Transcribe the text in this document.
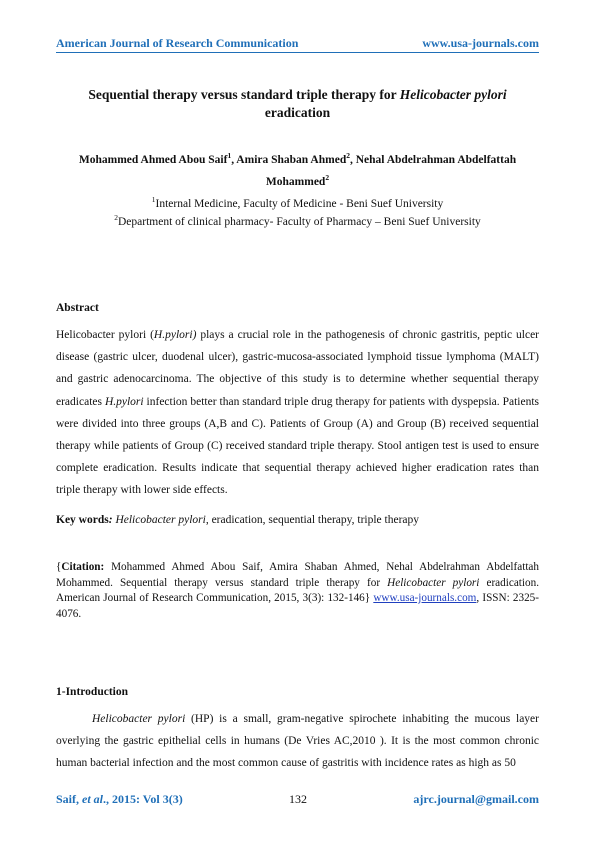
American Journal of Research Communication	www.usa-journals.com
Sequential therapy versus standard triple therapy for Helicobacter pylori
eradication
Mohammed Ahmed Abou Saif$^1$, Amira Shaban Ahmed$^2$, Nehal Abdelrahman Abdelfattah
Mohammed$^2$
$^1$Internal Medicine, Faculty of Medicine - Beni Suef University
$^2$Department of clinical pharmacy- Faculty of Pharmacy – Beni Suef University
Abstract
Helicobacter pylori (H.pylori) plays a crucial role in the pathogenesis of chronic gastritis, peptic ulcer disease (gastric ulcer, duodenal ulcer), gastric-mucosa-associated lymphoid tissue lymphoma (MALT) and gastric adenocarcinoma. The objective of this study is to determine whether sequential therapy eradicates H.pylori infection better than standard triple drug therapy for patients with dyspepsia. Patients were divided into three groups (A,B and C). Patients of Group (A) and Group (B) received sequential therapy while patients of Group (C) received standard triple therapy. Stool antigen test is used to ensure complete eradication. Results indicate that sequential therapy achieved higher eradication rates than triple therapy with lower side effects.
Key words: Helicobacter pylori, eradication, sequential therapy, triple therapy
{Citation: Mohammed Ahmed Abou Saif, Amira Shaban Ahmed, Nehal Abdelrahman Abdelfattah Mohammed. Sequential therapy versus standard triple therapy for Helicobacter pylori eradication. American Journal of Research Communication, 2015, 3(3): 132-146} www.usa-journals.com, ISSN: 2325-4076.
1-Introduction
Helicobacter pylori (HP) is a small, gram-negative spirochete inhabiting the mucous layer overlying the gastric epithelial cells in humans (De Vries AC,2010 ). It is the most common chronic human bacterial infection and the most common cause of gastritis with incidence rates as high as 50
Saif, et al., 2015: Vol 3(3)	132	ajrc.journal@gmail.com
